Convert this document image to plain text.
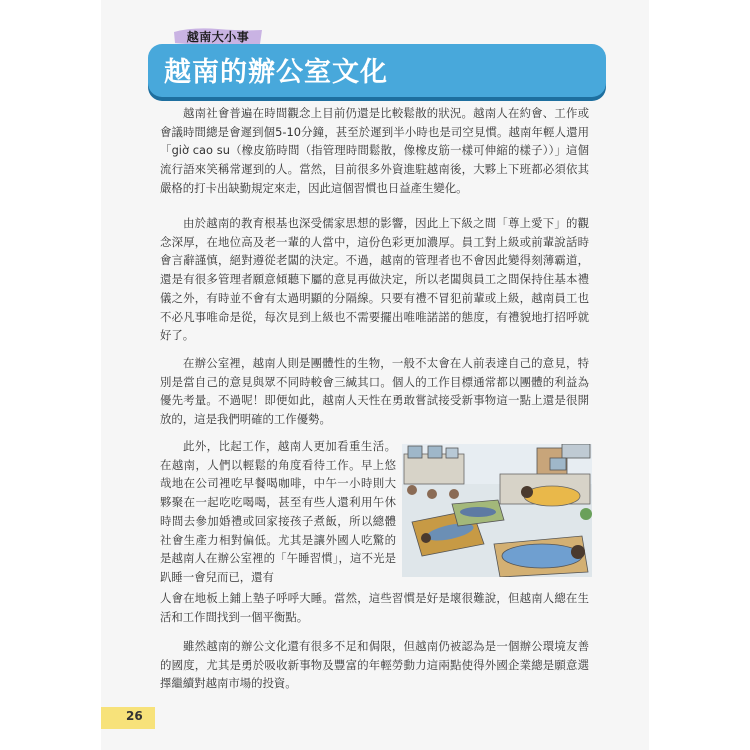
越南大小事
越南的辦公室文化

越南社會普遍在時間觀念上目前仍還是比較鬆散的狀況。越南人在約會、工作或會議時間總是會遲到個5-10分鐘，甚至於遲到半小時也是司空見慣。越南年輕人還用「giờ cao su（橡皮筋時間（指管理時間鬆散，像橡皮筋一樣可伸縮的樣子））」這個流行語來笑稱常遲到的人。當然，目前很多外資進駐越南後，大夥上下班都必須依其嚴格的打卡出缺勤規定來走，因此這個習慣也日益產生變化。

由於越南的教育根基也深受儒家思想的影響，因此上下級之間「尊上愛下」的觀念深厚，在地位高及老一輩的人當中，這份色彩更加濃厚。員工對上級或前輩說話時會言辭謹慎，絕對遵從老闆的決定。不過，越南的管理者也不會因此變得刻薄霸道，還是有很多管理者願意傾聽下屬的意見再做決定，所以老闆與員工之間保持住基本禮儀之外，有時並不會有太過明顯的分隔線。只要有禮不冒犯前輩或上級，越南員工也不必凡事唯命是從，每次見到上級也不需要擺出唯唯諾諾的態度，有禮貌地打招呼就好了。

在辦公室裡，越南人則是團體性的生物，一般不太會在人前表達自己的意見，特別是當自己的意見與眾不同時較會三緘其口。個人的工作目標通常都以團體的利益為優先考量。不過呢！即便如此，越南人天性在勇敢嘗試接受新事物這一點上還是很開放的，這是我們明確的工作優勢。

此外，比起工作，越南人更加看重生活。在越南，人們以輕鬆的角度看待工作。早上悠哉地在公司裡吃早餐喝咖啡，中午一小時則大夥聚在一起吃吃喝喝，甚至有些人還利用午休時間去參加婚禮或回家接孩子煮飯，所以總體社會生產力相對偏低。尤其是讓外國人吃驚的是越南人在辦公室裡的「午睡習慣」，這不光是趴睡一會兒而已，還有

人會在地板上鋪上墊子呼呼大睡。當然，這些習慣是好是壞很難說，但越南人總在生活和工作間找到一個平衡點。

雖然越南的辦公文化還有很多不足和侷限，但越南仍被認為是一個辦公環境友善的國度，尤其是勇於吸收新事物及豐富的年輕勞動力這兩點使得外國企業總是願意選擇繼續對越南市場的投資。

26
